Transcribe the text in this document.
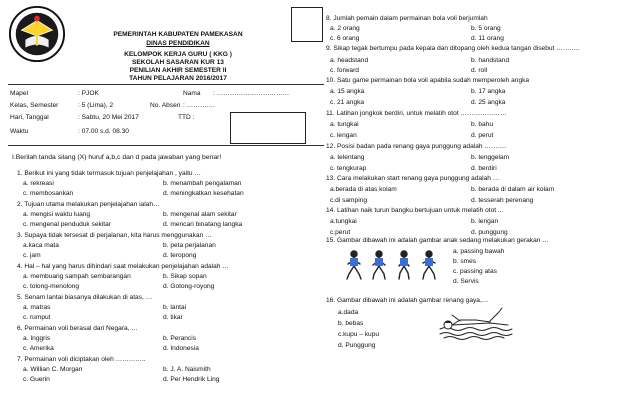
PEMERINTAH KABUPATEN PAMEKASAN
DINAS PENDIDIKAN
KELOMPOK KERJA GURU ( KKG )
SEKOLAH SASARAN KUR 13
PENILIAN AKHIR SEMESTER II
TAHUN PELAJARAN 2016/2017
Mapel	: PJOK	Nama : ……………………………
Kelas, Semester	: 5 (Lima), 2	No. Absen : ………….
Hari, Tanggal	: Sabtu, 20 Mei 2017	TTD :
Waktu	: 07.00 s.d. 08.30
I.Berilah tanda silang (X) huruf a,b,c dan d pada jawaban yang benar!
1. Berikut ini yang tidak termasuk tujuan penjelajahan , yaitu …
a. rekreasi	b. menambah pengalaman
c. membosankan	d. meningkatkan kesehatan
2. Tujuan utama melakukan penjelajahan ialah…
a. mengisi waktu luang	b. mengenal alam sekitar
c. mengenal penduduk sekitar	d. mencari binatang langka
3. Supaya tidak tersesat di perjalanan, kita harus menggunakan …
a.kaca mata	b. peta perjalanan
c. jam	d. teropong
4. Hal – hal yang harus dihindari saat melakukan penjelajahan adalah …
a. membuang sampah sembarangan	b. Sikap sopan
c. tolong-menolong	d. Gotong-royong
5. Senam lantai biasanya dilakukan di atas, …
a. matras	b. lantai
c. rumput	d. tikar
6. Permainan voli berasal dari Negara, …
a. Inggris	b. Perancis
c. Amerika	d. Indonesia
7. Permainan voli diciptakan oleh …………..
a. Willian C. Morgan	b. J. A. Naismith
c. Guerin	d. Per Hendrik Ling
8. Jumlah pemain dalam permainan bola voli berjumlah
a. 2 orang	b. 5 orang
c. 6 orang	d. 11 orang
9. Sikap tegak bertumpu pada kepala dan ditopang oleh kedua tangan disebut ………..
a. headstand	b. handstand
c. forward	d. roll
10. Satu game permainan bola voli apabila sudah memperoleh angka
a. 15 angka	b. 17 angka
c. 21 angka	d. 25 angka
11. Latihan jongkok berdiri, untuk melatih otot …………………
a. tungkai	b. bahu
c. lengan	d. perut
12. Posisi badan pada renang gaya punggung adalah ……….
a. telentang	b. tenggelam
c. tengkurap	d. berdiri
13. Cara melakukan start renang gaya punggung adalah …
a.berada di atas kolam	b. berada di dalam air kolam
c.di samping	d. tesserah perenang
14. Latihan naik turun bangku bertujuan untuk melatih otot ...
a.tungkai	b. lengan
c.perut	d. punggung
15. Gambar dibawah ini adalah gambar anak sedang melakukan gerakan …
a. passing bawah
b. smes
c. passing atas
d. Servis
16. Gambar dibawah ini adalah gambar renang gaya,…
a.dada
b. bebas
c.kupu – kupu
d. Punggung
